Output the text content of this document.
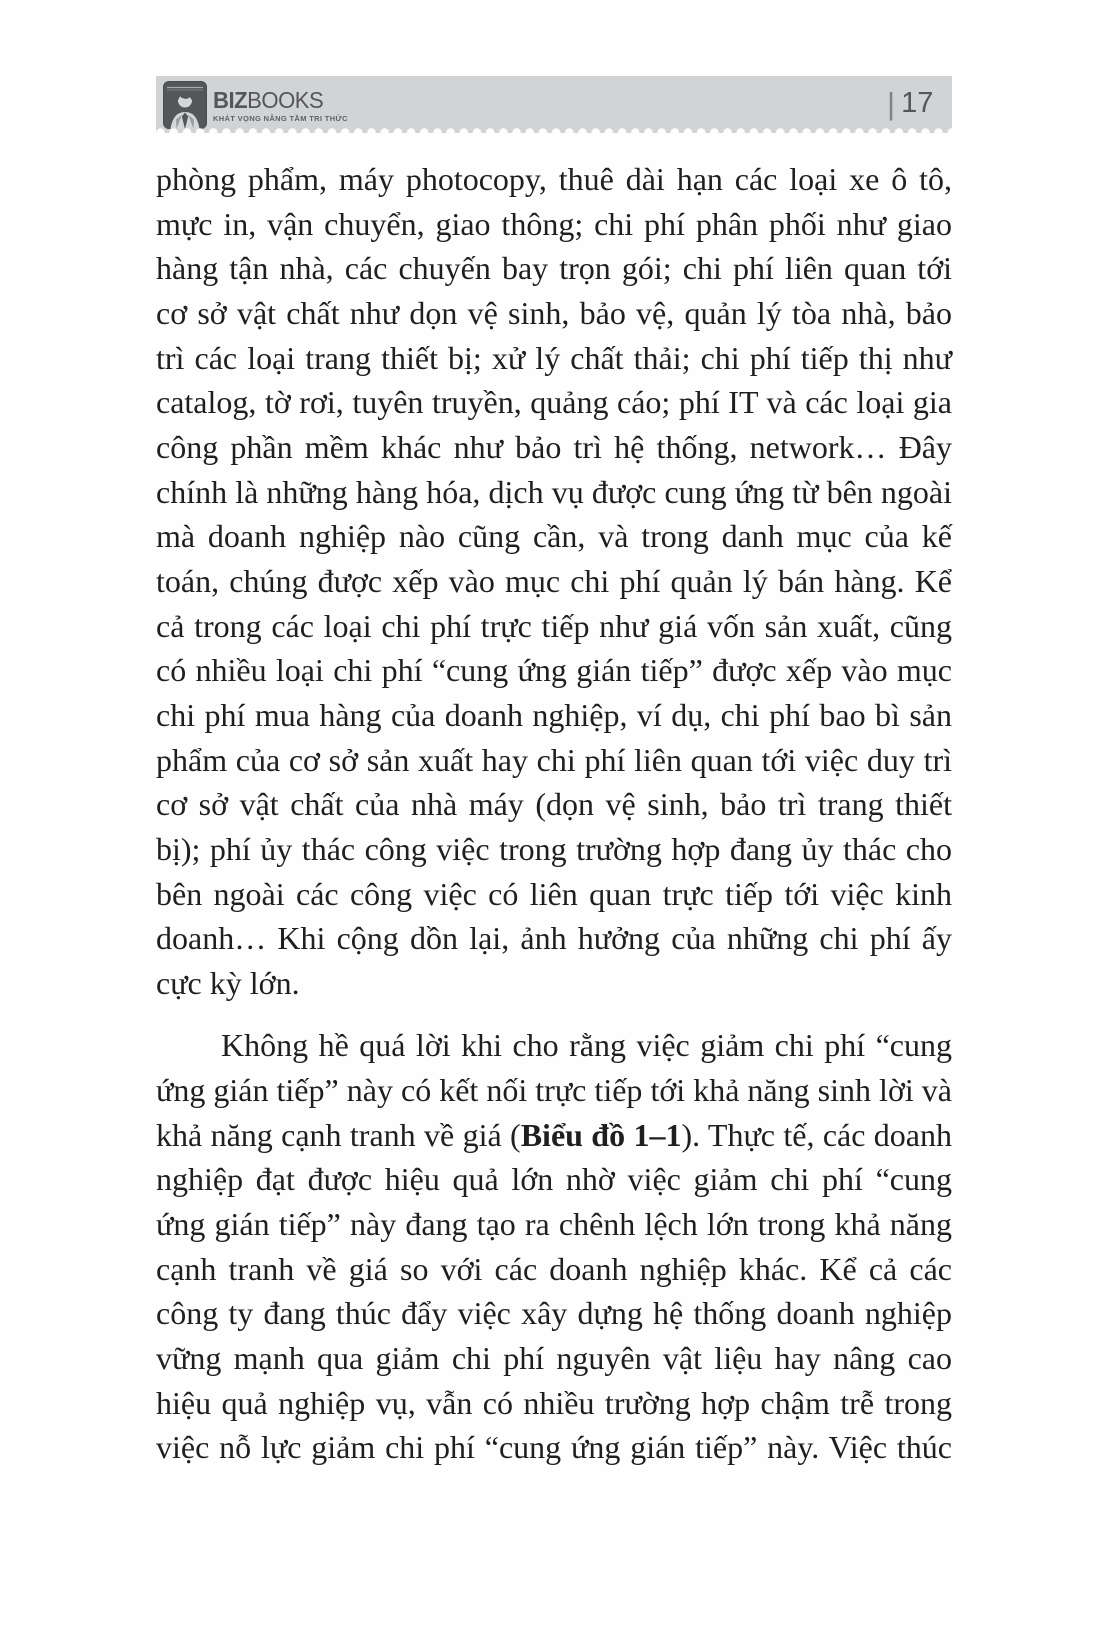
BIZBOOKS
KHÁT VỌNG NÂNG TẦM TRI THỨC	| 17
phòng phẩm, máy photocopy, thuê dài hạn các loại xe ô tô,
mực in, vận chuyển, giao thông; chi phí phân phối như giao
hàng tận nhà, các chuyến bay trọn gói; chi phí liên quan tới
cơ sở vật chất như dọn vệ sinh, bảo vệ, quản lý tòa nhà, bảo
trì các loại trang thiết bị; xử lý chất thải; chi phí tiếp thị như
catalog, tờ rơi, tuyên truyền, quảng cáo; phí IT và các loại gia
công phần mềm khác như bảo trì hệ thống, network… Đây
chính là những hàng hóa, dịch vụ được cung ứng từ bên ngoài
mà doanh nghiệp nào cũng cần, và trong danh mục của kế
toán, chúng được xếp vào mục chi phí quản lý bán hàng. Kể
cả trong các loại chi phí trực tiếp như giá vốn sản xuất, cũng
có nhiều loại chi phí “cung ứng gián tiếp” được xếp vào mục
chi phí mua hàng của doanh nghiệp, ví dụ, chi phí bao bì sản
phẩm của cơ sở sản xuất hay chi phí liên quan tới việc duy trì
cơ sở vật chất của nhà máy (dọn vệ sinh, bảo trì trang thiết
bị); phí ủy thác công việc trong trường hợp đang ủy thác cho
bên ngoài các công việc có liên quan trực tiếp tới việc kinh
doanh… Khi cộng dồn lại, ảnh hưởng của những chi phí ấy
cực kỳ lớn.
Không hề quá lời khi cho rằng việc giảm chi phí “cung
ứng gián tiếp” này có kết nối trực tiếp tới khả năng sinh lời và
khả năng cạnh tranh về giá (Biểu đồ 1–1). Thực tế, các doanh
nghiệp đạt được hiệu quả lớn nhờ việc giảm chi phí “cung
ứng gián tiếp” này đang tạo ra chênh lệch lớn trong khả năng
cạnh tranh về giá so với các doanh nghiệp khác. Kể cả các
công ty đang thúc đẩy việc xây dựng hệ thống doanh nghiệp
vững mạnh qua giảm chi phí nguyên vật liệu hay nâng cao
hiệu quả nghiệp vụ, vẫn có nhiều trường hợp chậm trễ trong
việc nỗ lực giảm chi phí “cung ứng gián tiếp” này. Việc thúc
